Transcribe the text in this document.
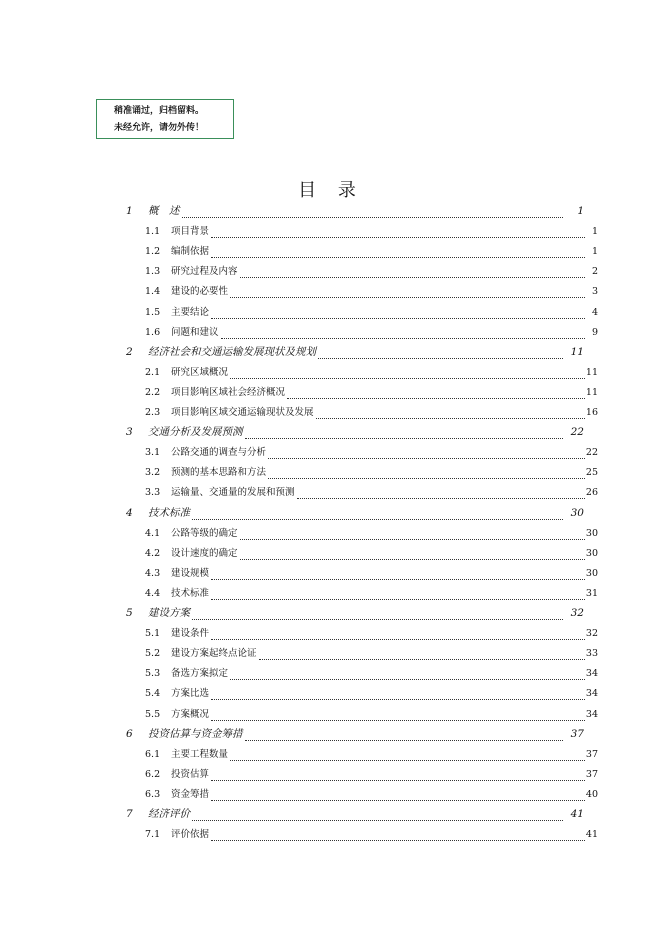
稍准诵过，归档留料。
未经允许，请勿外传！
目 录
1	概　述	1
1.1	项目背景	1
1.2	编制依据	1
1.3	研究过程及内容	2
1.4	建设的必要性	3
1.5	主要结论	4
1.6	问题和建议	9
2	经济社会和交通运输发展现状及规划	11
2.1	研究区域概况	11
2.2	项目影响区域社会经济概况	11
2.3	项目影响区域交通运输现状及发展	16
3	交通分析及发展预测	22
3.1	公路交通的调查与分析	22
3.2	预测的基本思路和方法	25
3.3	运输量、交通量的发展和预测	26
4	技术标准	30
4.1	公路等级的确定	30
4.2	设计速度的确定	30
4.3	建设规模	30
4.4	技术标准	31
5	建设方案	32
5.1	建设条件	32
5.2	建设方案起终点论证	33
5.3	备选方案拟定	34
5.4	方案比选	34
5.5	方案概况	34
6	投资估算与资金筹措	37
6.1	主要工程数量	37
6.2	投资估算	37
6.3	资金筹措	40
7	经济评价	41
7.1	评价依据	41
